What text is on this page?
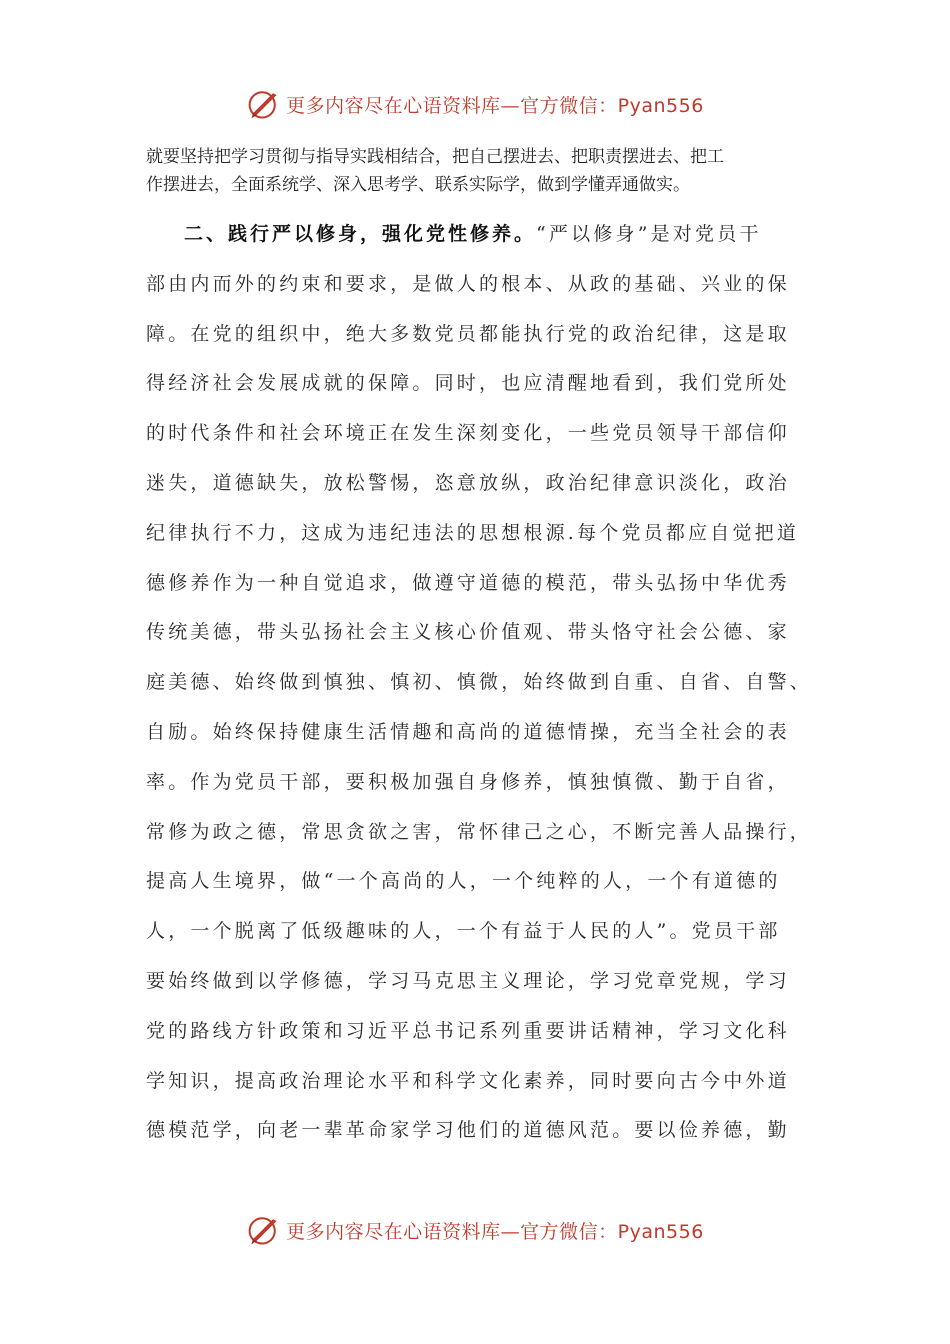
更多内容尽在心语资料库—官方微信：Pyan556
就要坚持把学习贯彻与指导实践相结合，把自己摆进去、把职责摆进去、把工
作摆进去，全面系统学、深入思考学、联系实际学，做到学懂弄通做实。
二、践行严以修身，强化党性修养。“严以修身”是对党员干
部由内而外的约束和要求，是做人的根本、从政的基础、兴业的保
障。在党的组织中，绝大多数党员都能执行党的政治纪律，这是取
得经济社会发展成就的保障。同时，也应清醒地看到，我们党所处
的时代条件和社会环境正在发生深刻变化，一些党员领导干部信仰
迷失，道德缺失，放松警惕，恣意放纵，政治纪律意识淡化，政治
纪律执行不力，这成为违纪违法的思想根源.每个党员都应自觉把道
德修养作为一种自觉追求，做遵守道德的模范，带头弘扬中华优秀
传统美德，带头弘扬社会主义核心价值观、带头恪守社会公德、家
庭美德、始终做到慎独、慎初、慎微，始终做到自重、自省、自警、
自励。始终保持健康生活情趣和高尚的道德情操，充当全社会的表
率。作为党员干部，要积极加强自身修养，慎独慎微、勤于自省，
常修为政之德，常思贪欲之害，常怀律己之心，不断完善人品操行，
提高人生境界，做“一个高尚的人，一个纯粹的人，一个有道德的
人，一个脱离了低级趣味的人，一个有益于人民的人”。党员干部
要始终做到以学修德，学习马克思主义理论，学习党章党规，学习
党的路线方针政策和习近平总书记系列重要讲话精神，学习文化科
学知识，提高政治理论水平和科学文化素养，同时要向古今中外道
德模范学，向老一辈革命家学习他们的道德风范。要以俭养德，勤
更多内容尽在心语资料库—官方微信：Pyan556
